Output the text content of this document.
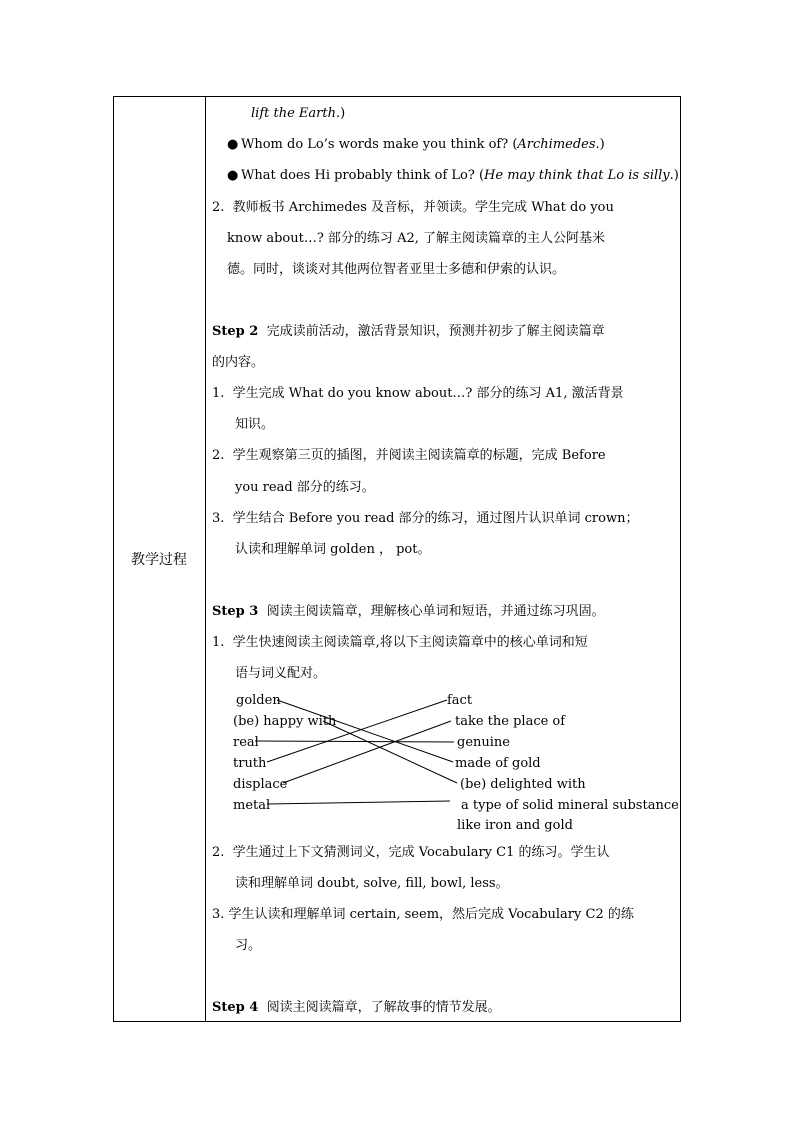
教学过程
lift the Earth.)
● Whom do Lo’s words make you think of? (Archimedes.)
● What does Hi probably think of Lo? (He may think that Lo is silly.)
2. 教师板书 Archimedes 及音标，并领读。学生完成 What do you
know about…? 部分的练习 A2, 了解主阅读篇章的主人公阿基米
德。同时，谈谈对其他两位智者亚里士多德和伊索的认识。
Step 2 完成读前活动，激活背景知识，预测并初步了解主阅读篇章
的内容。
1. 学生完成 What do you know about…? 部分的练习 A1, 激活背景
知识。
2. 学生观察第三页的插图，并阅读主阅读篇章的标题，完成 Before
you read 部分的练习。
3. 学生结合 Before you read 部分的练习，通过图片认识单词 crown；
认读和理解单词 golden ， pot。
Step 3 阅读主阅读篇章，理解核心单词和短语，并通过练习巩固。
1. 学生快速阅读主阅读篇章,将以下主阅读篇章中的核心单词和短
语与词义配对。
golden
(be) happy with
real
truth
displace
metal
fact
take the place of
genuine
made of gold
(be) delighted with
a type of solid mineral substance
like iron and gold
2. 学生通过上下文猜测词义，完成 Vocabulary C1 的练习。学生认
读和理解单词 doubt, solve, fill, bowl, less。
3. 学生认读和理解单词 certain, seem，然后完成 Vocabulary C2 的练
习。
Step 4 阅读主阅读篇章，了解故事的情节发展。
